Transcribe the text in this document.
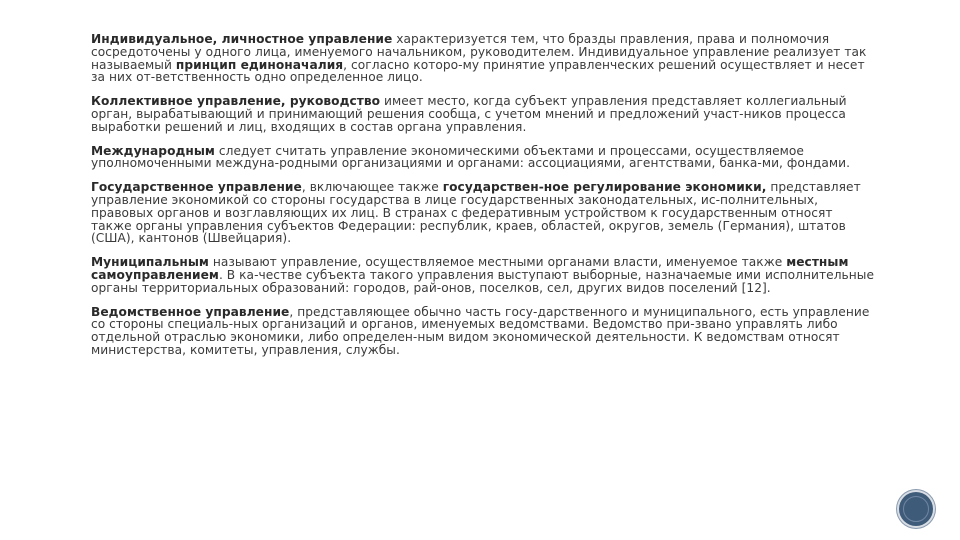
Индивидуальное, личностное управление характеризуется тем, что бразды правления, права и полномочия сосредоточены у одного лица, именуемого начальником, руководителем. Индивидуальное управление реализует так называемый принцип единоначалия, согласно которо-му принятие управленческих решений осуществляет и несет за них от-ветственность одно определенное лицо.

Коллективное управление, руководство имеет место, когда субъект управления представляет коллегиальный орган, вырабатывающий и принимающий решения сообща, с учетом мнений и предложений участ-ников процесса выработки решений и лиц, входящих в состав органа управления.

Международным следует считать управление экономическими объектами и процессами, осуществляемое уполномоченными междуна-родными организациями и органами: ассоциациями, агентствами, банка-ми, фондами.

Государственное управление, включающее также государствен-ное регулирование экономики, представляет управление экономикой со стороны государства в лице государственных законодательных, ис-полнительных, правовых органов и возглавляющих их лиц. В странах с федеративным устройством к государственным относят также органы управления субъектов Федерации: республик, краев, областей, округов, земель (Германия), штатов (США), кантонов (Швейцария).

Муниципальным называют управление, осуществляемое местными органами власти, именуемое также местным самоуправлением. В ка-честве субъекта такого управления выступают выборные, назначаемые ими исполнительные органы территориальных образований: городов, рай-онов, поселков, сел, других видов поселений [12].

Ведомственное управление, представляющее обычно часть госу-дарственного и муниципального, есть управление со стороны специаль-ных организаций и органов, именуемых ведомствами. Ведомство при-звано управлять либо отдельной отраслью экономики, либо определен-ным видом экономической деятельности. К ведомствам относят министерства, комитеты, управления, службы.
